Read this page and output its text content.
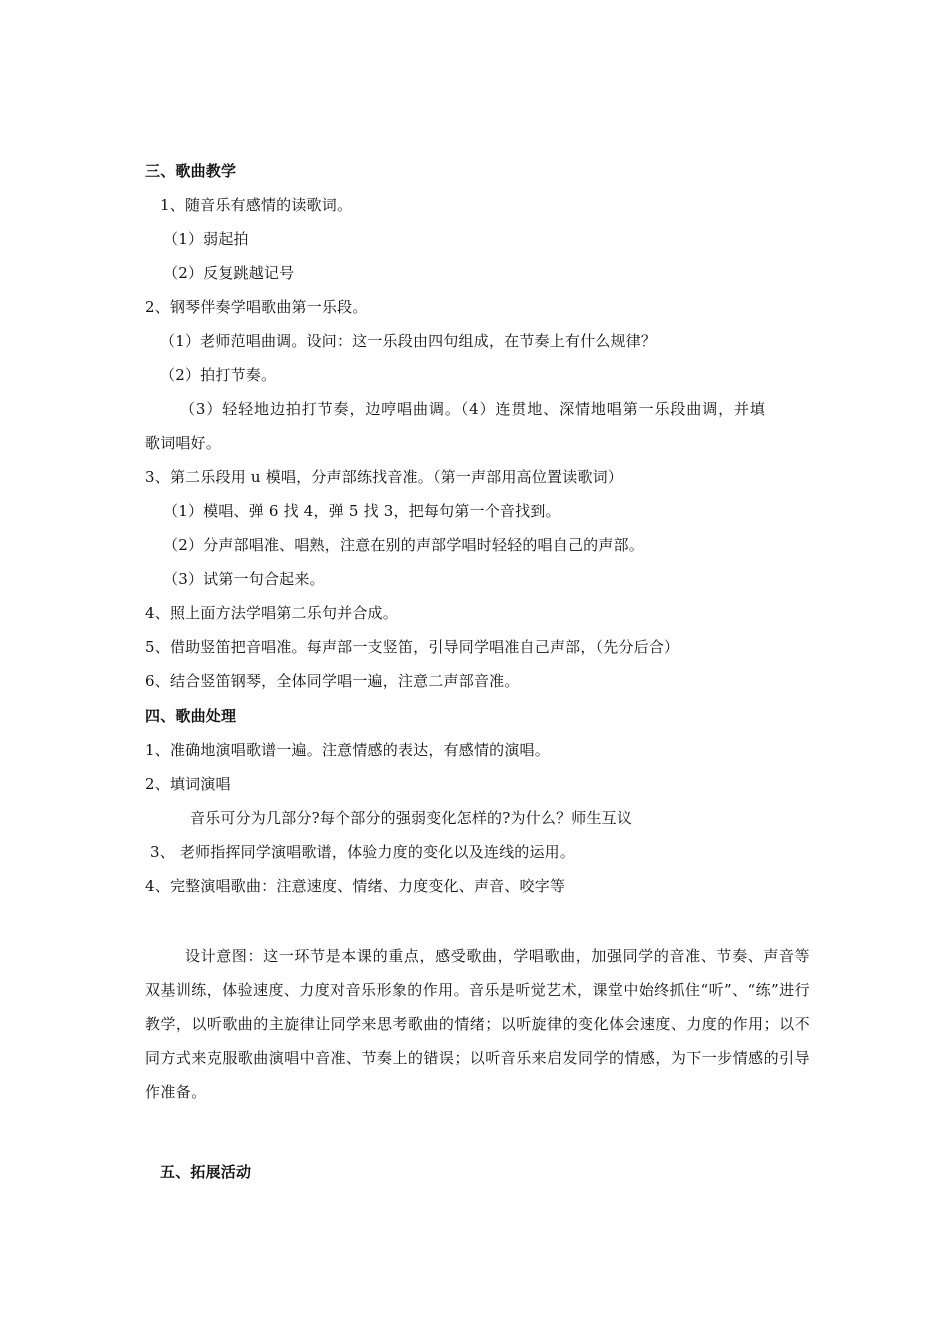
三、歌曲教学
1、随音乐有感情的读歌词。
（1）弱起拍
（2）反复跳越记号
2、钢琴伴奏学唱歌曲第一乐段。
（1）老师范唱曲调。设问：这一乐段由四句组成，在节奏上有什么规律？
（2）拍打节奏。
（3）轻轻地边拍打节奏，边哼唱曲调。（4）连贯地、深情地唱第一乐段曲调，并填
歌词唱好。
3、第二乐段用 u 模唱，分声部练找音准。（第一声部用高位置读歌词）
（1）模唱、弹 6 找 4，弹 5 找 3，把每句第一个音找到。
（2）分声部唱准、唱熟，注意在别的声部学唱时轻轻的唱自己的声部。
（3）试第一句合起来。
4、照上面方法学唱第二乐句并合成。
5、借助竖笛把音唱准。每声部一支竖笛，引导同学唱准自己声部，（先分后合）
6、结合竖笛钢琴，全体同学唱一遍，注意二声部音准。
四、歌曲处理
1、准确地演唱歌谱一遍。注意情感的表达，有感情的演唱。
2、填词演唱
音乐可分为几部分?每个部分的强弱变化怎样的?为什么？师生互议
3、 老师指挥同学演唱歌谱，体验力度的变化以及连线的运用。
4、完整演唱歌曲：注意速度、情绪、力度变化、声音、咬字等
设计意图：这一环节是本课的重点，感受歌曲，学唱歌曲，加强同学的音准、节奏、声音等双基训练，体验速度、力度对音乐形象的作用。音乐是听觉艺术，课堂中始终抓住“听”、“练”进行教学，以听歌曲的主旋律让同学来思考歌曲的情绪；以听旋律的变化体会速度、力度的作用；以不同方式来克服歌曲演唱中音准、节奏上的错误；以听音乐来启发同学的情感，为下一步情感的引导作准备。
五、拓展活动
